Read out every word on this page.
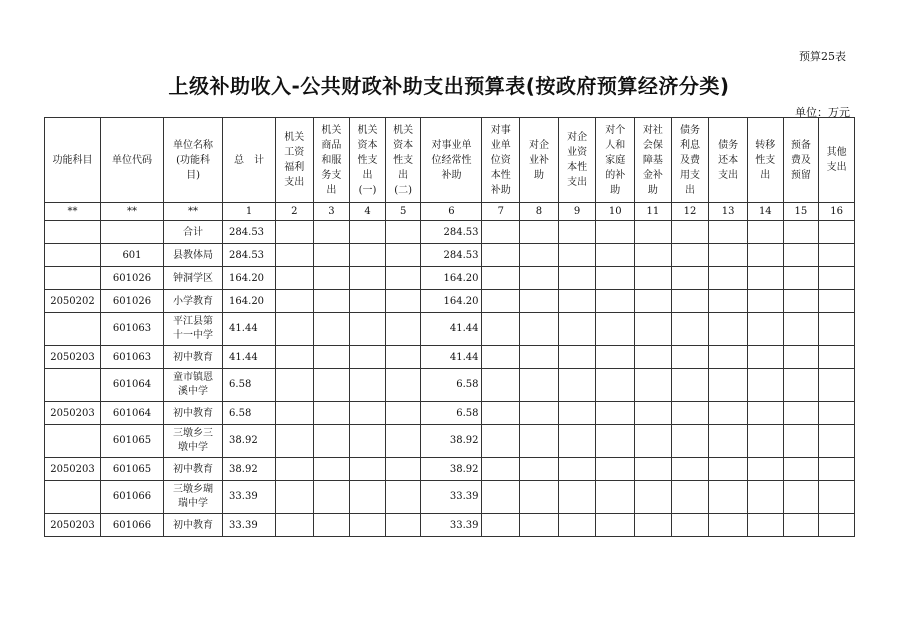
预算25表
上级补助收入-公共财政补助支出预算表(按政府预算经济分类)
单位：万元
功能科目	单位代码	单位名称
(功能科
目)	总　计	机关
工资
福利
支出	机关
商品
和服
务支
出	机关
资本
性支
出
(一)	机关
资本
性支
出
(二)	对事业单
位经常性
补助	对事
业单
位资
本性
补助	对企
业补
助	对企
业资
本性
支出	对个
人和
家庭
的补
助	对社
会保
障基
金补
助	债务
利息
及费
用支
出	债务
还本
支出	转移
性支
出	预备
费及
预留	其他
支出
**	**	**	1	2	3	4	5	6	7	8	9	10	11	12	13	14	15	16
		合计	284.53					284.53										
	601	县教体局	284.53					284.53										
	601026	钟洞学区	164.20					164.20										
2050202	601026	小学教育	164.20					164.20										
	601063	平江县第
十一中学	41.44					41.44										
2050203	601063	初中教育	41.44					41.44										
	601064	童市镇恩
溪中学	6.58					6.58										
2050203	601064	初中教育	6.58					6.58										
	601065	三墩乡三
墩中学	38.92					38.92										
2050203	601065	初中教育	38.92					38.92										
	601066	三墩乡瑚
瑞中学	33.39					33.39										
2050203	601066	初中教育	33.39					33.39										
